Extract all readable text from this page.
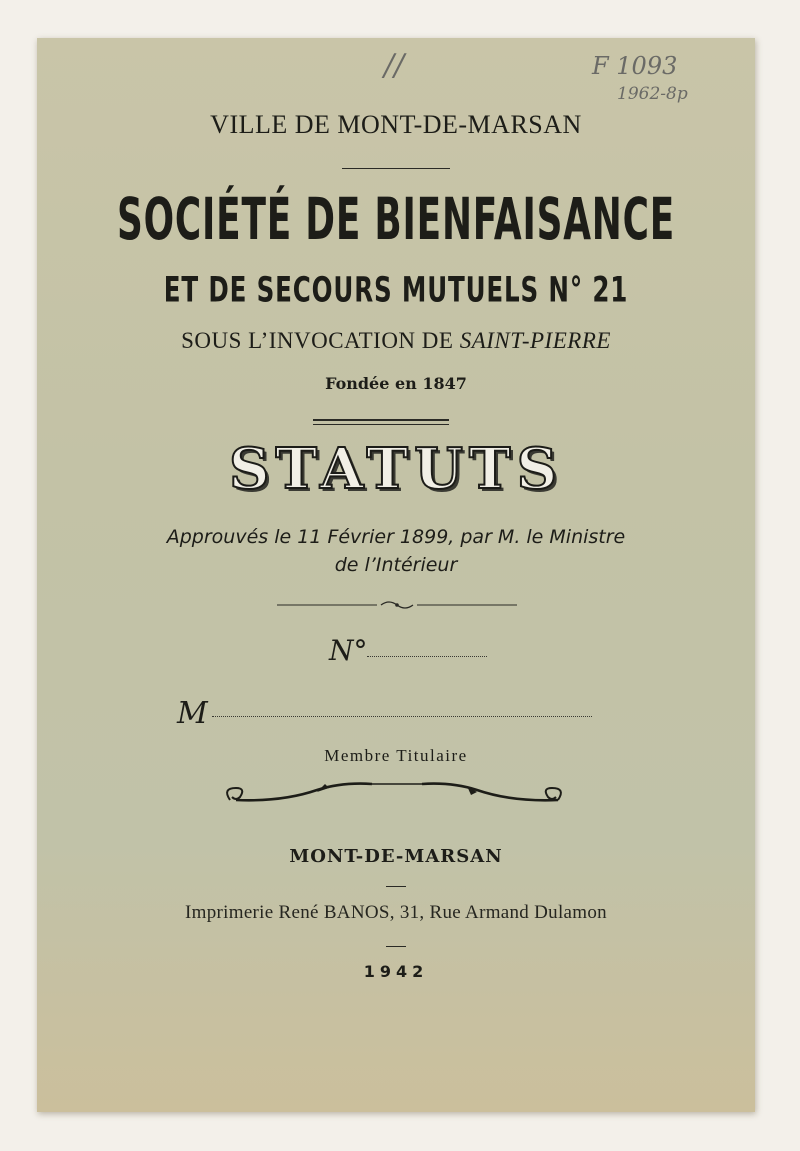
//	F 1093
1962-8p
VILLE DE MONT-DE-MARSAN
SOCIÉTÉ DE BIENFAISANCE
ET DE SECOURS MUTUELS N° 21
SOUS L’INVOCATION DE SAINT-PIERRE
Fondée en 1847
STATUTS
Approuvés le 11 Février 1899, par M. le Ministre
de l’Intérieur
N°
M
Membre Titulaire
MONT-DE-MARSAN
Imprimerie René BANOS, 31, Rue Armand Dulamon
1942
